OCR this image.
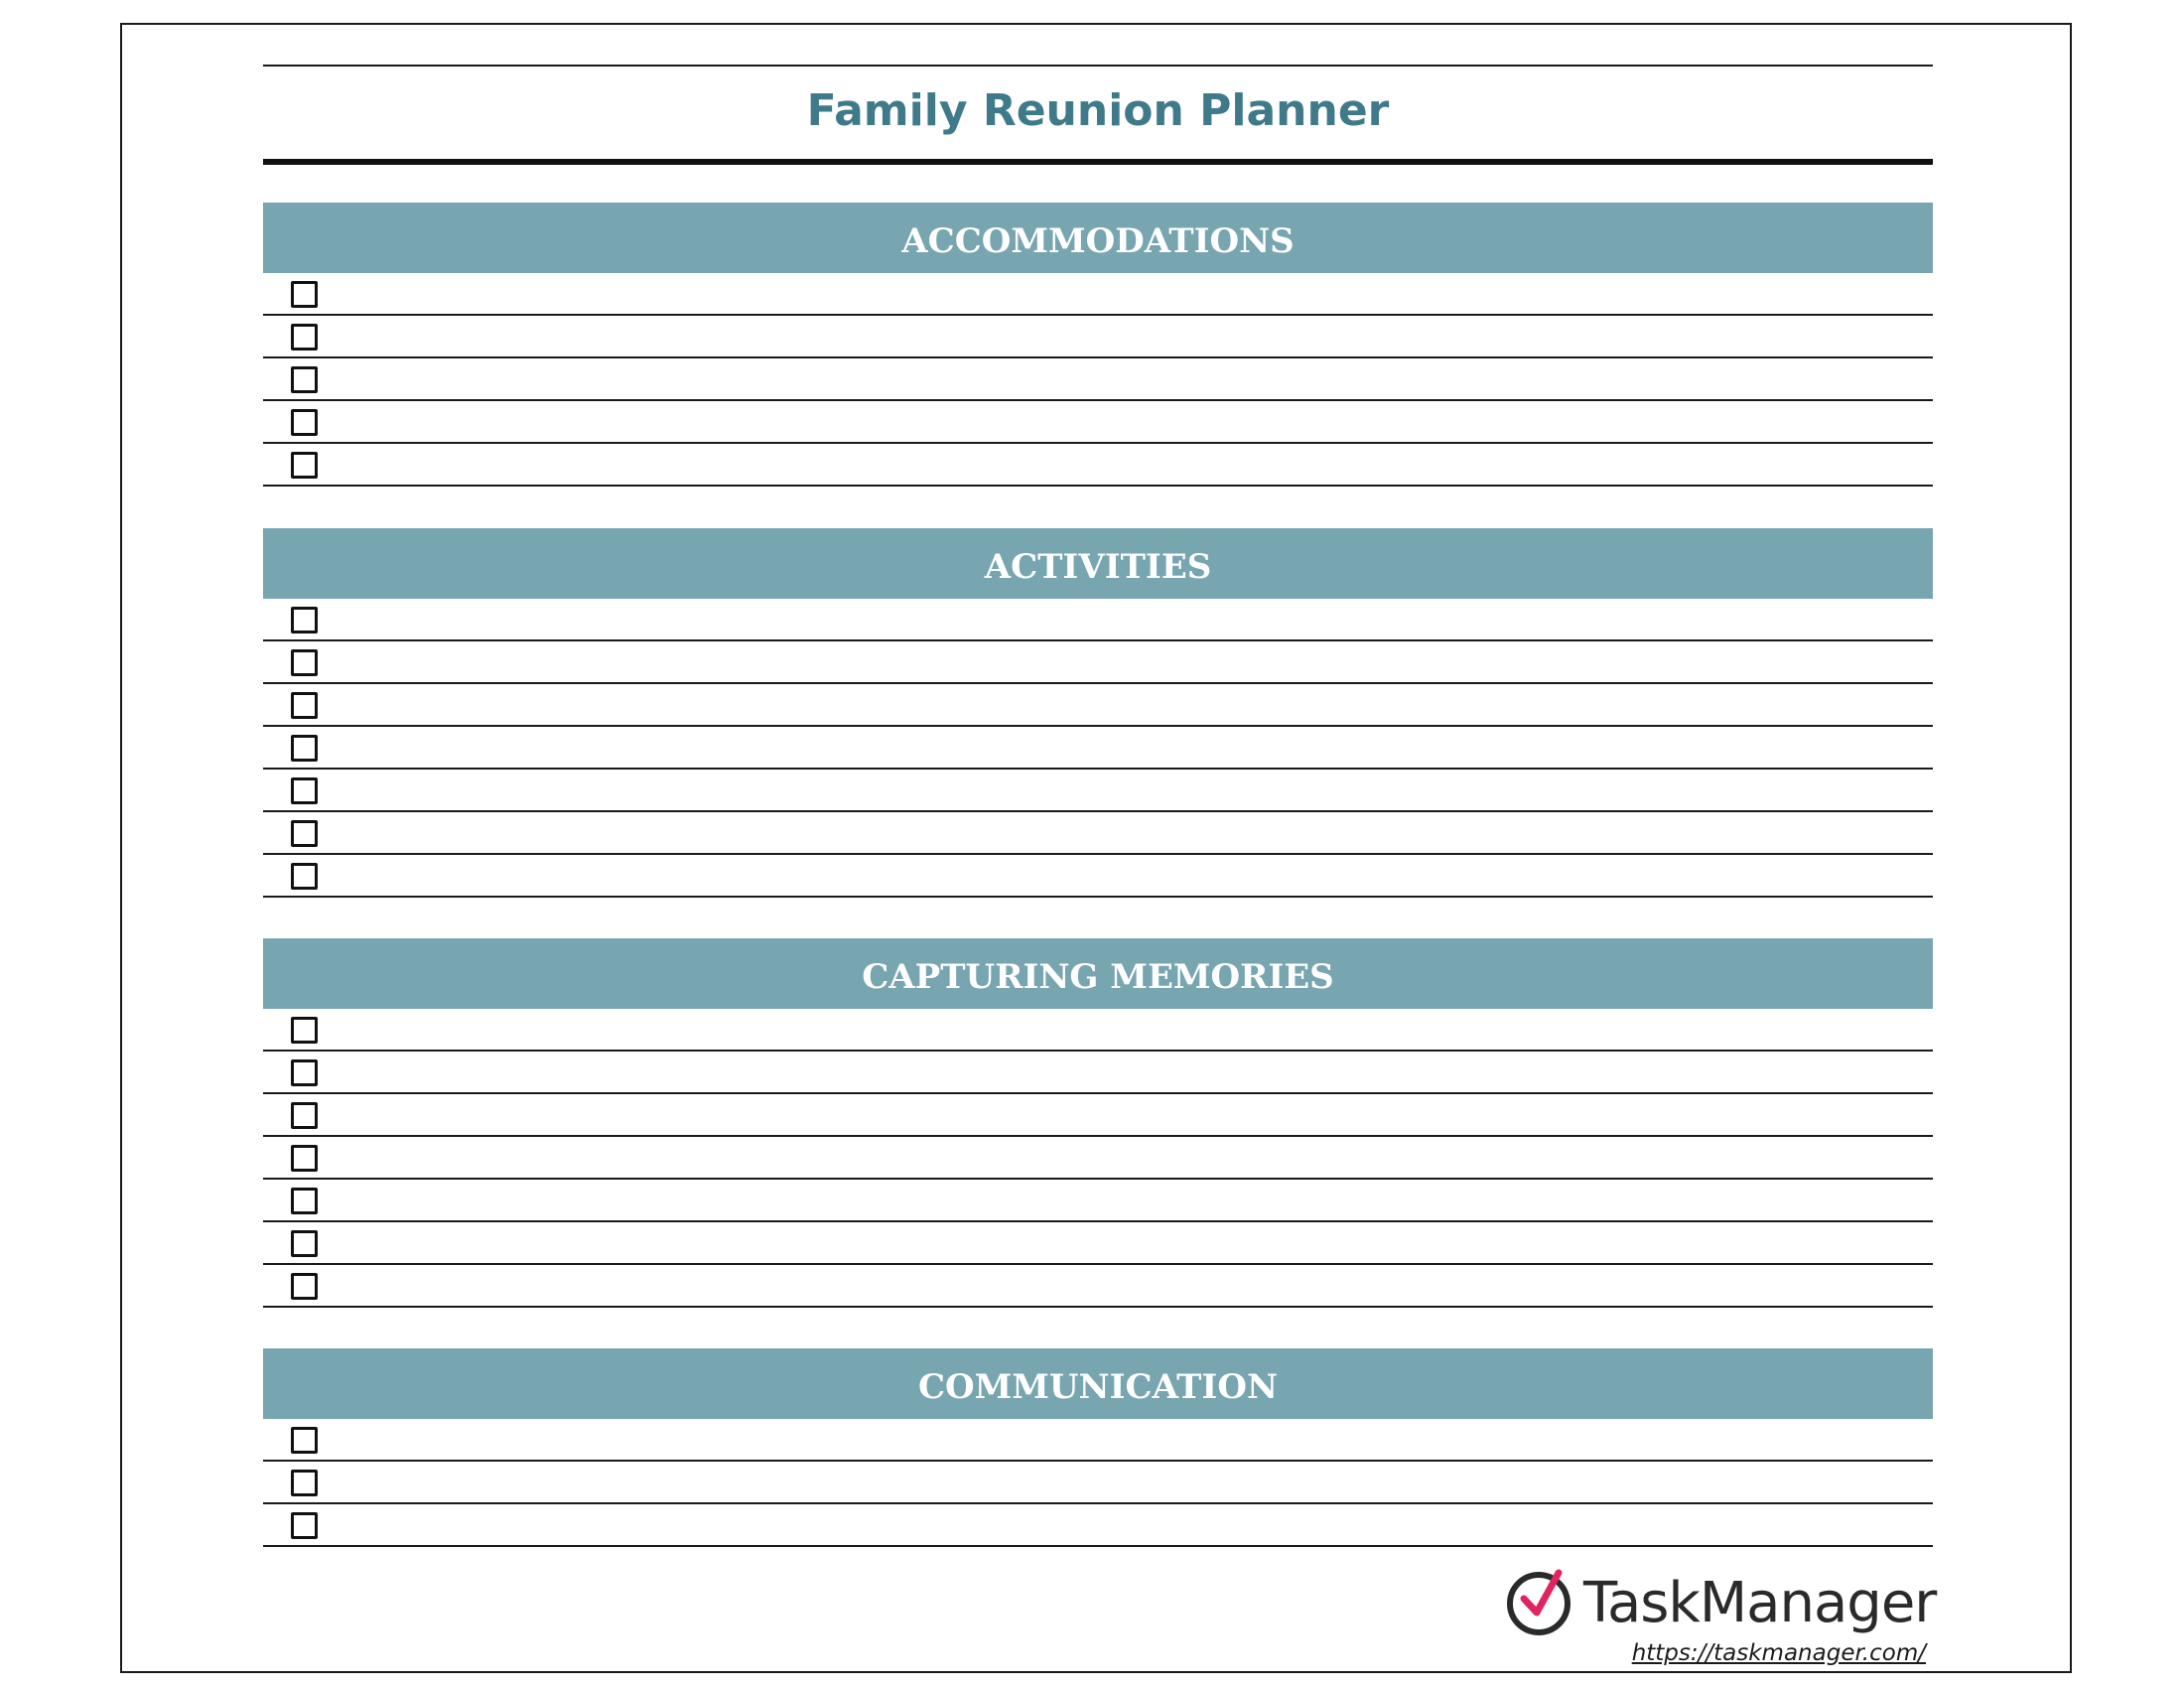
Family Reunion Planner
ACCOMMODATIONS
ACTIVITIES
CAPTURING MEMORIES
COMMUNICATION
TaskManager
https://taskmanager.com/
